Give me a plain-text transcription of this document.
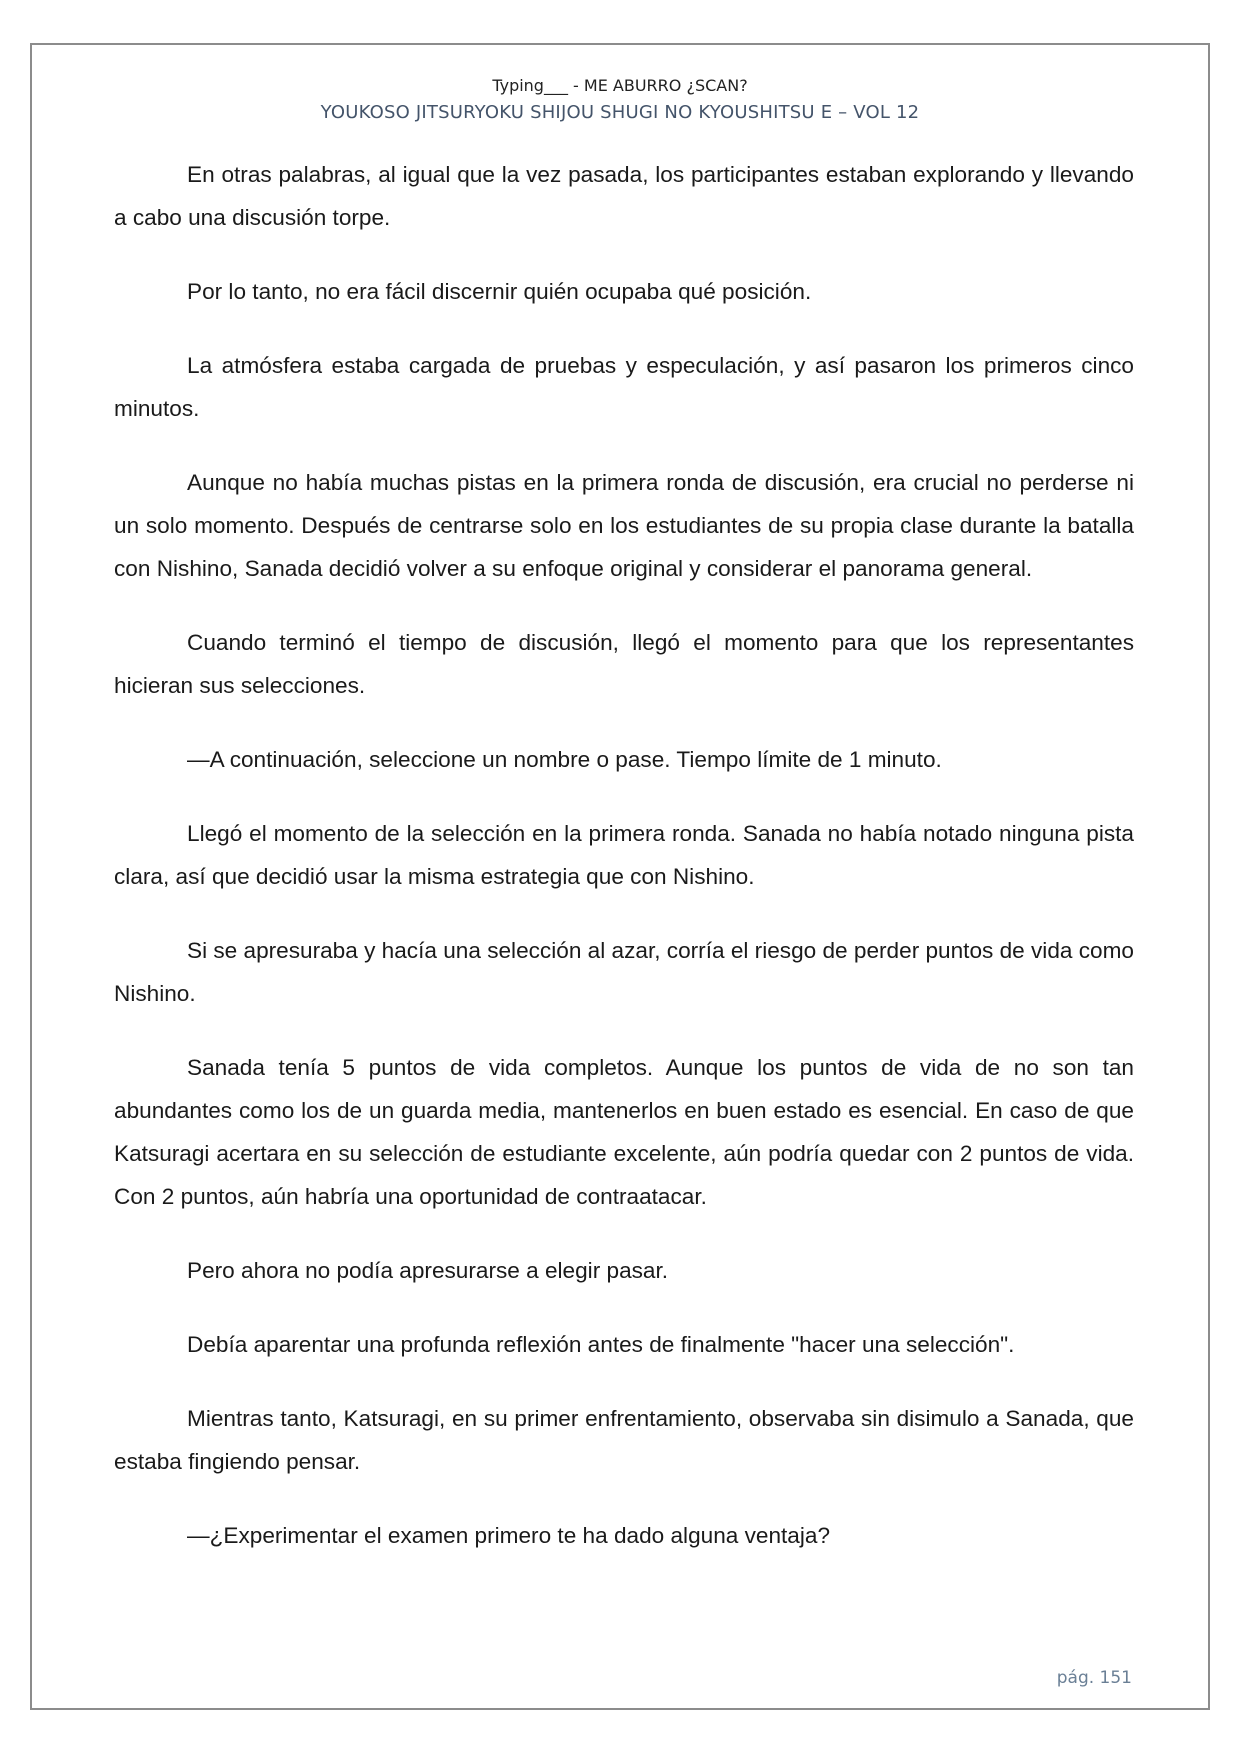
Typing___ - ME ABURRO ¿SCAN?
YOUKOSO JITSURYOKU SHIJOU SHUGI NO KYOUSHITSU E – VOL 12

En otras palabras, al igual que la vez pasada, los participantes estaban explorando y llevando a cabo una discusión torpe.

Por lo tanto, no era fácil discernir quién ocupaba qué posición.

La atmósfera estaba cargada de pruebas y especulación, y así pasaron los primeros cinco minutos.

Aunque no había muchas pistas en la primera ronda de discusión, era crucial no perderse ni un solo momento. Después de centrarse solo en los estudiantes de su propia clase durante la batalla con Nishino, Sanada decidió volver a su enfoque original y considerar el panorama general.

Cuando terminó el tiempo de discusión, llegó el momento para que los representantes hicieran sus selecciones.

—A continuación, seleccione un nombre o pase. Tiempo límite de 1 minuto.

Llegó el momento de la selección en la primera ronda. Sanada no había notado ninguna pista clara, así que decidió usar la misma estrategia que con Nishino.

Si se apresuraba y hacía una selección al azar, corría el riesgo de perder puntos de vida como Nishino.

Sanada tenía 5 puntos de vida completos. Aunque los puntos de vida de no son tan abundantes como los de un guarda media, mantenerlos en buen estado es esencial. En caso de que Katsuragi acertara en su selección de estudiante excelente, aún podría quedar con 2 puntos de vida. Con 2 puntos, aún habría una oportunidad de contraatacar.

Pero ahora no podía apresurarse a elegir pasar.

Debía aparentar una profunda reflexión antes de finalmente "hacer una selección".

Mientras tanto, Katsuragi, en su primer enfrentamiento, observaba sin disimulo a Sanada, que estaba fingiendo pensar.

—¿Experimentar el examen primero te ha dado alguna ventaja?

pág. 151
